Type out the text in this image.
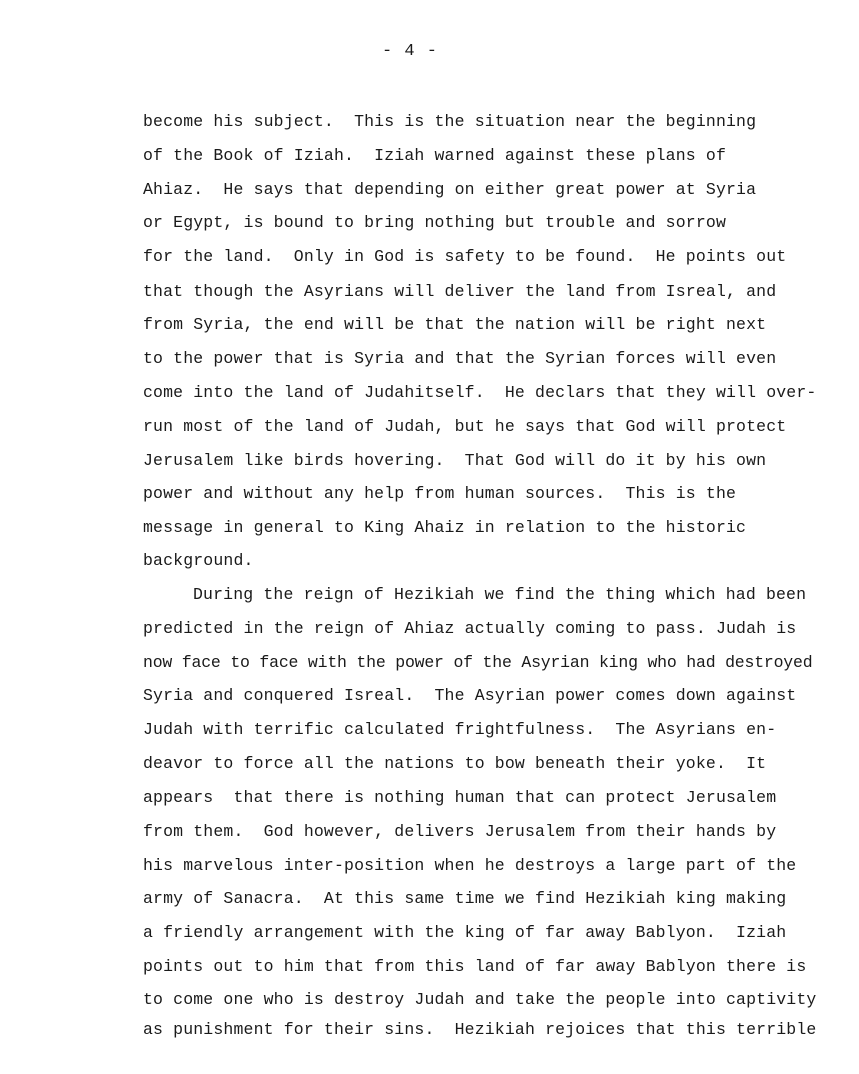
- 4 -
become his subject.  This is the situation near the beginning
of the Book of Iziah.  Iziah warned against these plans of
Ahiaz.  He says that depending on either great power at Syria
or Egypt, is bound to bring nothing but trouble and sorrow
for the land.  Only in God is safety to be found.  He points out
that though the Asyrians will deliver the land from Isreal, and
from Syria, the end will be that the nation will be right next
to the power that is Syria and that the Syrian forces will even
come into the land of Judahitself.  He declars that they will over-
run most of the land of Judah, but he says that God will protect
Jerusalem like birds hovering.  That God will do it by his own
power and without any help from human sources.  This is the
message in general to King Ahaiz in relation to the historic
background.
During the reign of Hezikiah we find the thing which had been
predicted in the reign of Ahiaz actually coming to pass. Judah is
now face to face with the power of the Asyrian king who had destroyed
Syria and conquered Isreal.  The Asyrian power comes down against
Judah with terrific calculated frightfulness.  The Asyrians en-
deavor to force all the nations to bow beneath their yoke.  It
appears  that there is nothing human that can protect Jerusalem
from them.  God however, delivers Jerusalem from their hands by
his marvelous inter-position when he destroys a large part of the
army of Sanacra.  At this same time we find Hezikiah king making
a friendly arrangement with the king of far away Bablyon.  Iziah
points out to him that from this land of far away Bablyon there is
to come one who is destroy Judah and take the people into captivity
as punishment for their sins.  Hezikiah rejoices that this terrible
